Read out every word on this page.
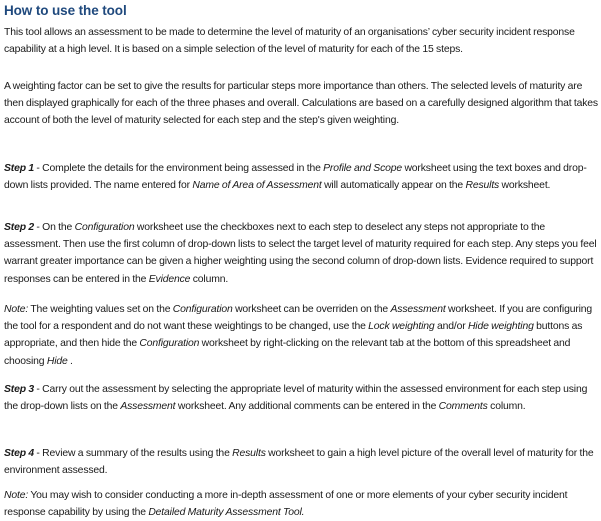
How to use the tool

This tool allows an assessment to be made to determine the level of maturity of an organisations’ cyber security incident response capability at a high level. It is based on a simple selection of the level of maturity for each of the 15 steps.

A weighting factor can be set to give the results for particular steps more importance than others. The selected levels of maturity are then displayed graphically for each of the three phases and overall. Calculations are based on a carefully designed algorithm that takes account of both the level of maturity selected for each step and the step's given weighting.

Step 1 - Complete the details for the environment being assessed in the Profile and Scope worksheet using the text boxes and drop-down lists provided. The name entered for Name of Area of Assessment will automatically appear on the Results worksheet.

Step 2 - On the Configuration worksheet use the checkboxes next to each step to deselect any steps not appropriate to the assessment. Then use the first column of drop-down lists to select the target level of maturity required for each step. Any steps you feel warrant greater importance can be given a higher weighting using the second column of drop-down lists. Evidence required to support responses can be entered in the Evidence column.

Note: The weighting values set on the Configuration worksheet can be overriden on the Assessment worksheet. If you are configuring the tool for a respondent and do not want these weightings to be changed, use the Lock weighting and/or Hide weighting buttons as appropriate, and then hide the Configuration worksheet by right-clicking on the relevant tab at the bottom of this spreadsheet and choosing Hide .

Step 3 - Carry out the assessment by selecting the appropriate level of maturity within the assessed environment for each step using the drop-down lists on the Assessment worksheet. Any additional comments can be entered in the Comments column.

Step 4 - Review a summary of the results using the Results worksheet to gain a high level picture of the overall level of maturity for the environment assessed.

Note: You may wish to consider conducting a more in-depth assessment of one or more elements of your cyber security incident response capability by using the Detailed Maturity Assessment Tool.
